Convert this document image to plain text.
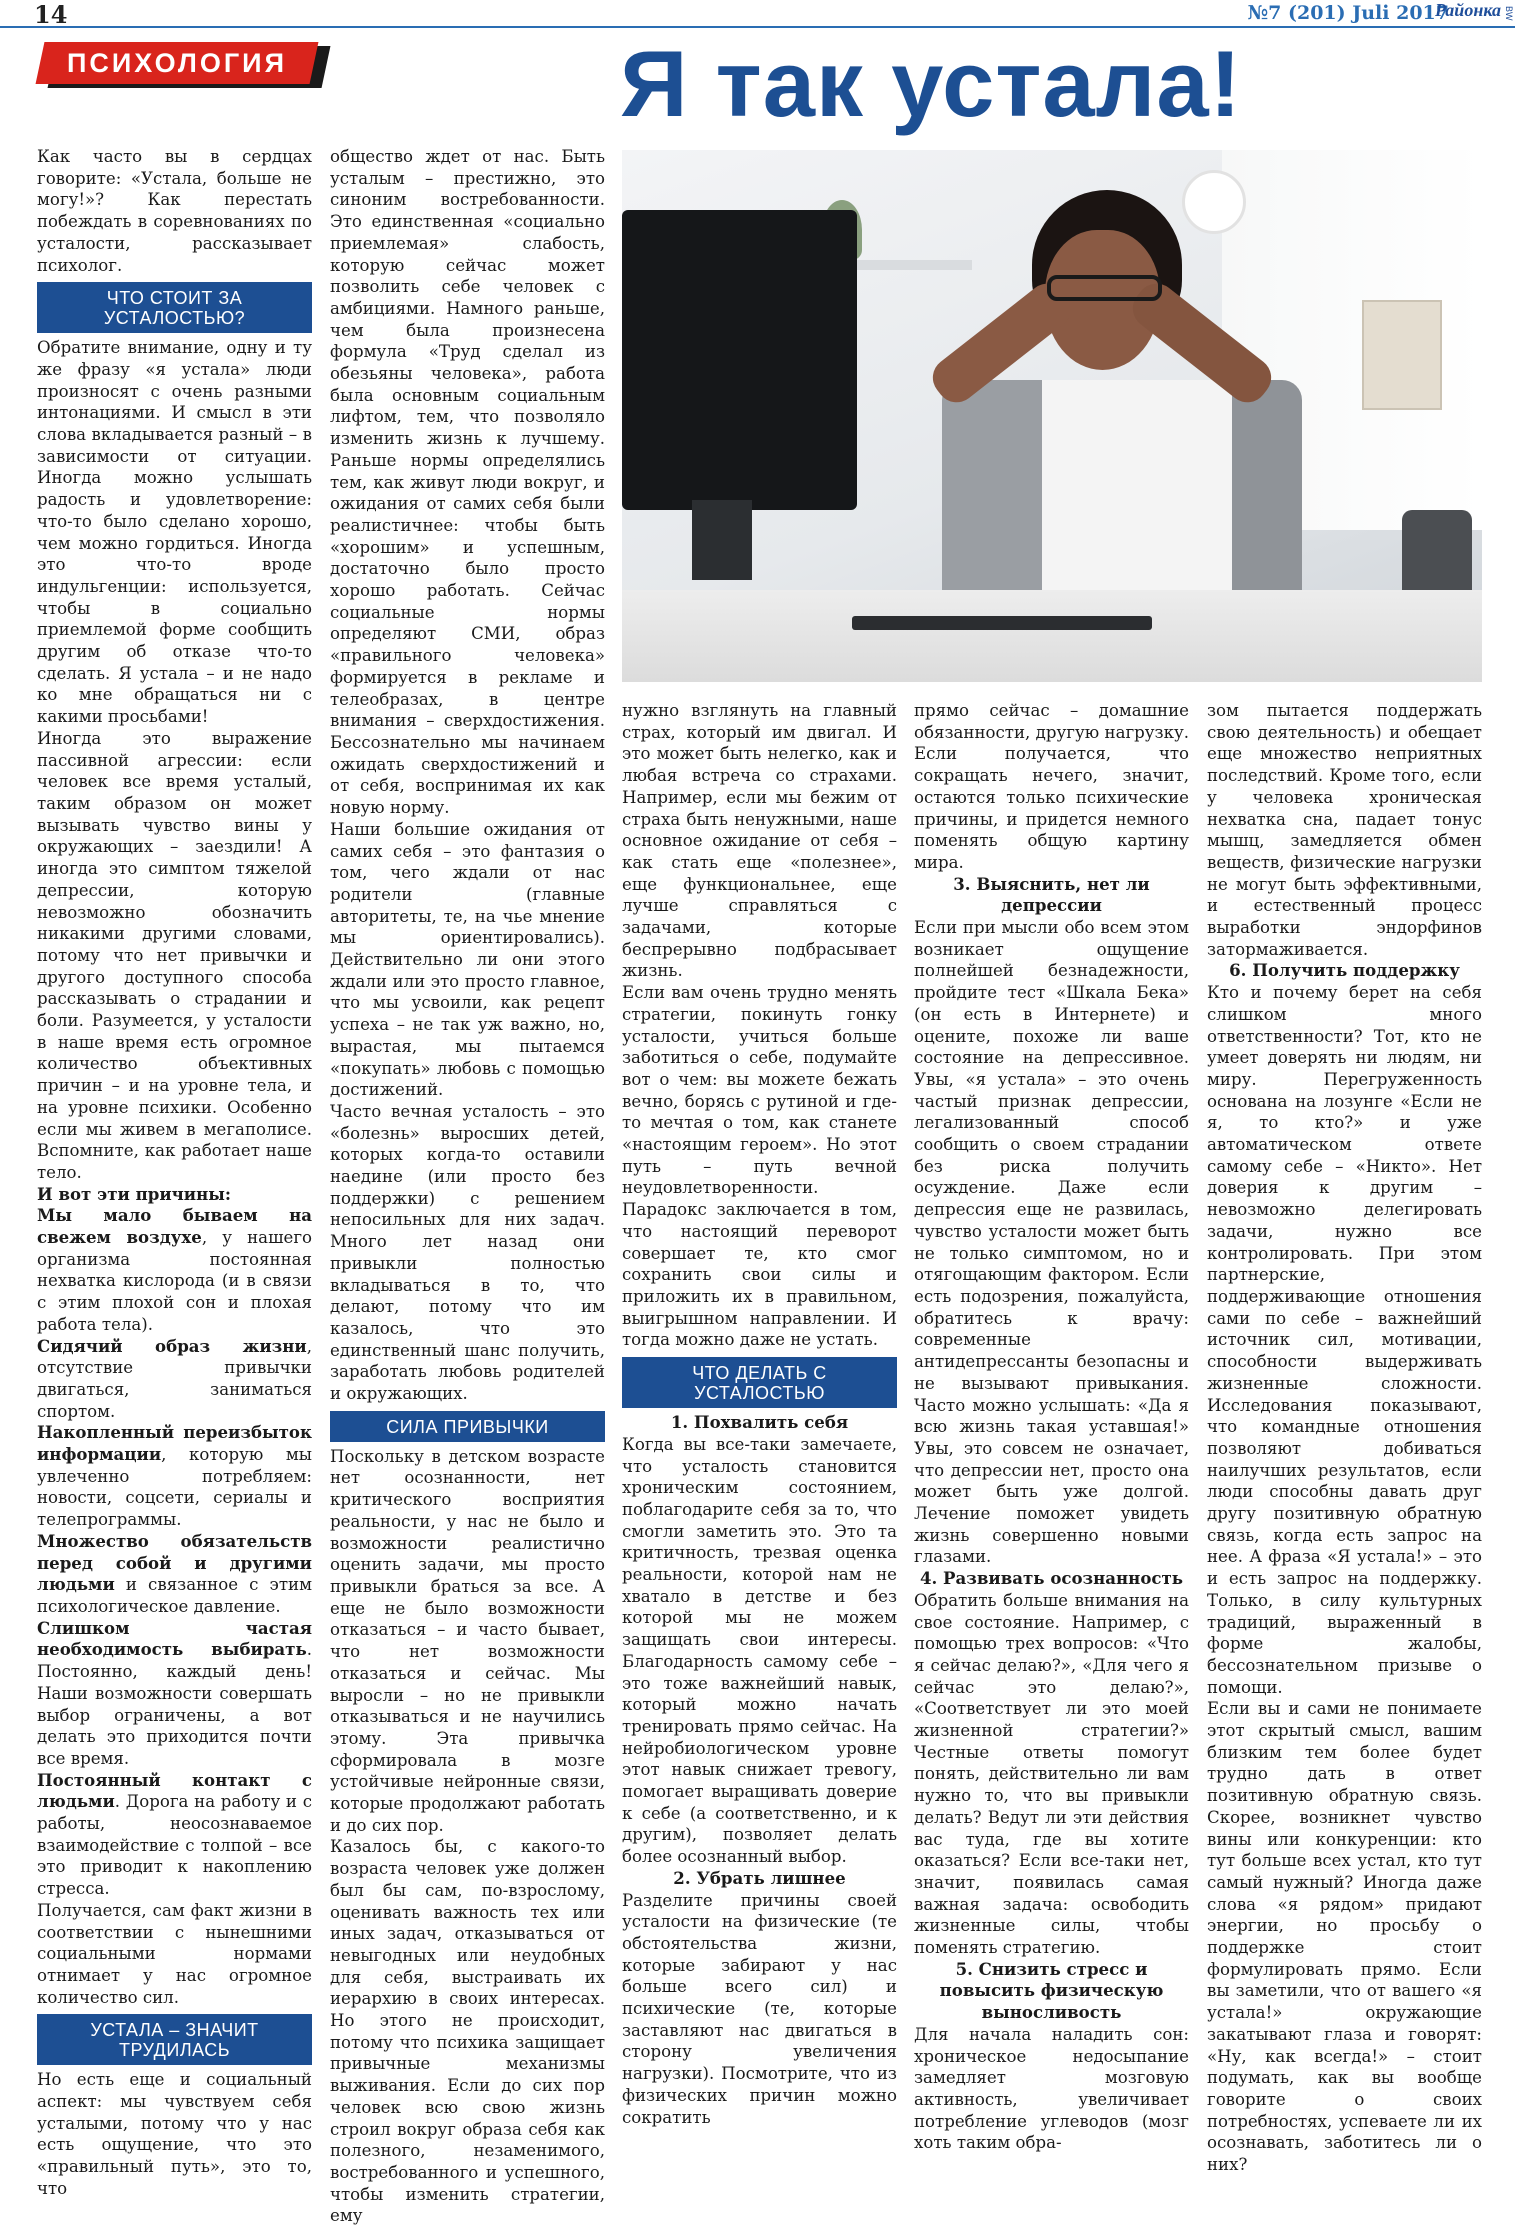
14	№7 (201) Juli 2017
Районка BW
ПСИХОЛОГИЯ	Я так устала!

Как часто вы в сердцах говорите: «Устала, больше не могу!»? Как перестать побеждать в соревнованиях по усталости, рассказывает психолог.

ЧТО СТОИТ ЗА УСТАЛОСТЬЮ?

Обратите внимание, одну и ту же фразу «я устала» люди произносят с очень разными интонациями. И смысл в эти слова вкладывается разный – в зависимости от ситуации. Иногда можно услышать радость и удовлетворение: что-то было сделано хорошо, чем можно гордиться. Иногда это что-то вроде индульгенции: используется, чтобы в социально приемлемой форме сообщить другим об отказе что-то сделать. Я устала – и не надо ко мне обращаться ни с какими просьбами!

Иногда это выражение пассивной агрессии: если человек все время усталый, таким образом он может вызывать чувство вины у окружающих – заездили! А иногда это симптом тяжелой депрессии, которую невозможно обозначить никакими другими словами, потому что нет привычки и другого доступного способа рассказывать о страдании и боли. Разумеется, у усталости в наше время есть огромное количество объективных причин – и на уровне тела, и на уровне психики. Особенно если мы живем в мегаполисе. Вспомните, как работает наше тело.

И вот эти причины:

Мы мало бываем на свежем воздухе, у нашего организма постоянная нехватка кислорода (и в связи с этим плохой сон и плохая работа тела).

Сидячий образ жизни, отсутствие привычки двигаться, заниматься спортом.

Накопленный переизбыток информации, которую мы увлеченно потребляем: новости, соцсети, сериалы и телепрограммы.

Множество обязательств перед собой и другими людьми и связанное с этим психологическое давление.

Слишком частая необходимость выбирать. Постоянно, каждый день! Наши возможности совершать выбор ограничены, а вот делать это приходится почти все время.

Постоянный контакт с людьми. Дорога на работу и с работы, неосознаваемое взаимодействие с толпой – все это приводит к накоплению стресса.

Получается, сам факт жизни в соответствии с нынешними социальными нормами отнимает у нас огромное количество сил.

УСТАЛА – ЗНАЧИТ ТРУДИЛАСЬ

Но есть еще и социальный аспект: мы чувствуем себя усталыми, потому что у нас есть ощущение, что это «правильный путь», это то, что

общество ждет от нас. Быть усталым – престижно, это синоним востребованности. Это единственная «социально приемлемая» слабость, которую сейчас может позволить себе человек с амбициями. Намного раньше, чем была произнесена формула «Труд сделал из обезьяны человека», работа была основным социальным лифтом, тем, что позволяло изменить жизнь к лучшему. Раньше нормы определялись тем, как живут люди вокруг, и ожидания от самих себя были реалистичнее: чтобы быть «хорошим» и успешным, достаточно было просто хорошо работать. Сейчас социальные нормы определяют СМИ, образ «правильного человека» формируется в рекламе и телеобразах, в центре внимания – сверхдостижения. Бессознательно мы начинаем ожидать сверхдостижений и от себя, воспринимая их как новую норму.

Наши большие ожидания от самих себя – это фантазия о том, чего ждали от нас родители (главные авторитеты, те, на чье мнение мы ориентировались). Действительно ли они этого ждали или это просто главное, что мы усвоили, как рецепт успеха – не так уж важно, но, вырастая, мы пытаемся «покупать» любовь с помощью достижений.

Часто вечная усталость – это «болезнь» выросших детей, которых когда-то оставили наедине (или просто без поддержки) с решением непосильных для них задач. Много лет назад они привыкли полностью вкладываться в то, что делают, потому что им казалось, что это единственный шанс получить, заработать любовь родителей и окружающих.

СИЛА ПРИВЫЧКИ

Поскольку в детском возрасте нет осознанности, нет критического восприятия реальности, у нас не было и возможности реалистично оценить задачи, мы просто привыкли браться за все. А еще не было возможности отказаться – и часто бывает, что нет возможности отказаться и сейчас. Мы выросли – но не привыкли отказываться и не научились этому. Эта привычка сформировала в мозге устойчивые нейронные связи, которые продолжают работать и до сих пор.

Казалось бы, с какого-то возраста человек уже должен был бы сам, по-взрослому, оценивать важность тех или иных задач, отказываться от невыгодных или неудобных для себя, выстраивать их иерархию в своих интересах. Но этого не происходит, потому что психика защищает привычные механизмы выживания. Если до сих пор человек всю свою жизнь строил вокруг образа себя как полезного, незаменимого, востребованного и успешного, чтобы изменить стратегии, ему

нужно взглянуть на главный страх, который им двигал. И это может быть нелегко, как и любая встреча со страхами. Например, если мы бежим от страха быть ненужными, наше основное ожидание от себя – как стать еще «полезнее», еще функциональнее, еще лучше справляться с задачами, которые беспрерывно подбрасывает жизнь.

Если вам очень трудно менять стратегии, покинуть гонку усталости, учиться больше заботиться о себе, подумайте вот о чем: вы можете бежать вечно, борясь с рутиной и где-то мечтая о том, как станете «настоящим героем». Но этот путь – путь вечной неудовлетворенности. Парадокс заключается в том, что настоящий переворот совершает те, кто смог сохранить свои силы и приложить их в правильном, выигрышном направлении. И тогда можно даже не устать.

ЧТО ДЕЛАТЬ С УСТАЛОСТЬЮ

1. Похвалить себя

Когда вы все-таки замечаете, что усталость становится хроническим состоянием, поблагодарите себя за то, что смогли заметить это. Это та критичность, трезвая оценка реальности, которой нам не хватало в детстве и без которой мы не можем защищать свои интересы. Благодарность самому себе – это тоже важнейший навык, который можно начать тренировать прямо сейчас. На нейробиологическом уровне этот навык снижает тревогу, помогает выращивать доверие к себе (а соответственно, и к другим), позволяет делать более осознанный выбор.

2. Убрать лишнее

Разделите причины своей усталости на физические (те обстоятельства жизни, которые забирают у нас больше всего сил) и психические (те, которые заставляют нас двигаться в сторону увеличения нагрузки). Посмотрите, что из физических причин можно сократить

прямо сейчас – домашние обязанности, другую нагрузку. Если получается, что сокращать нечего, значит, остаются только психические причины, и придется немного поменять общую картину мира.

3. Выяснить, нет ли депрессии

Если при мысли обо всем этом возникает ощущение полнейшей безнадежности, пройдите тест «Шкала Бека» (он есть в Интернете) и оцените, похоже ли ваше состояние на депрессивное. Увы, «я устала» – это очень частый признак депрессии, легализованный способ сообщить о своем страдании без риска получить осуждение. Даже если депрессия еще не развилась, чувство усталости может быть не только симптомом, но и отягощающим фактором. Если есть подозрения, пожалуйста, обратитесь к врачу: современные антидепрессанты безопасны и не вызывают привыкания. Часто можно услышать: «Да я всю жизнь такая уставшая!» Увы, это совсем не означает, что депрессии нет, просто она может быть уже долгой. Лечение поможет увидеть жизнь совершенно новыми глазами.

4. Развивать осознанность

Обратить больше внимания на свое состояние. Например, с помощью трех вопросов: «Что я сейчас делаю?», «Для чего я сейчас это делаю?», «Соответствует ли это моей жизненной стратегии?» Честные ответы помогут понять, действительно ли вам нужно то, что вы привыкли делать? Ведут ли эти действия вас туда, где вы хотите оказаться? Если все-таки нет, значит, появилась самая важная задача: освободить жизненные силы, чтобы поменять стратегию.

5. Снизить стресс и повысить физическую выносливость

Для начала наладить сон: хроническое недосыпание замедляет мозговую активность, увеличивает потребление углеводов (мозг хоть таким обра-

зом пытается поддержать свою деятельность) и обещает еще множество неприятных последствий. Кроме того, если у человека хроническая нехватка сна, падает тонус мышц, замедляется обмен веществ, физические нагрузки не могут быть эффективными, и естественный процесс выработки эндорфинов затормаживается.

6. Получить поддержку

Кто и почему берет на себя слишком много ответственности? Тот, кто не умеет доверять ни людям, ни миру. Перегруженность основана на лозунге «Если не я, то кто?» и уже автоматическом ответе самому себе – «Никто». Нет доверия к другим – невозможно делегировать задачи, нужно все контролировать. При этом партнерские, поддерживающие отношения сами по себе – важнейший источник сил, мотивации, способности выдерживать жизненные сложности. Исследования показывают, что командные отношения позволяют добиваться наилучших результатов, если люди способны давать друг другу позитивную обратную связь, когда есть запрос на нее. А фраза «Я устала!» – это и есть запрос на поддержку. Только, в силу культурных традиций, выраженный в форме жалобы, бессознательном призыве о помощи.

Если вы и сами не понимаете этот скрытый смысл, вашим близким тем более будет трудно дать в ответ позитивную обратную связь. Скорее, возникнет чувство вины или конкуренции: кто тут больше всех устал, кто тут самый нужный? Иногда даже слова «я рядом» придают энергии, но просьбу о поддержке стоит формулировать прямо. Если вы заметили, что от вашего «я устала!» окружающие закатывают глаза и говорят: «Ну, как всегда!» – стоит подумать, как вы вообще говорите о своих потребностях, успеваете ли их осознавать, заботитесь ли о них?
